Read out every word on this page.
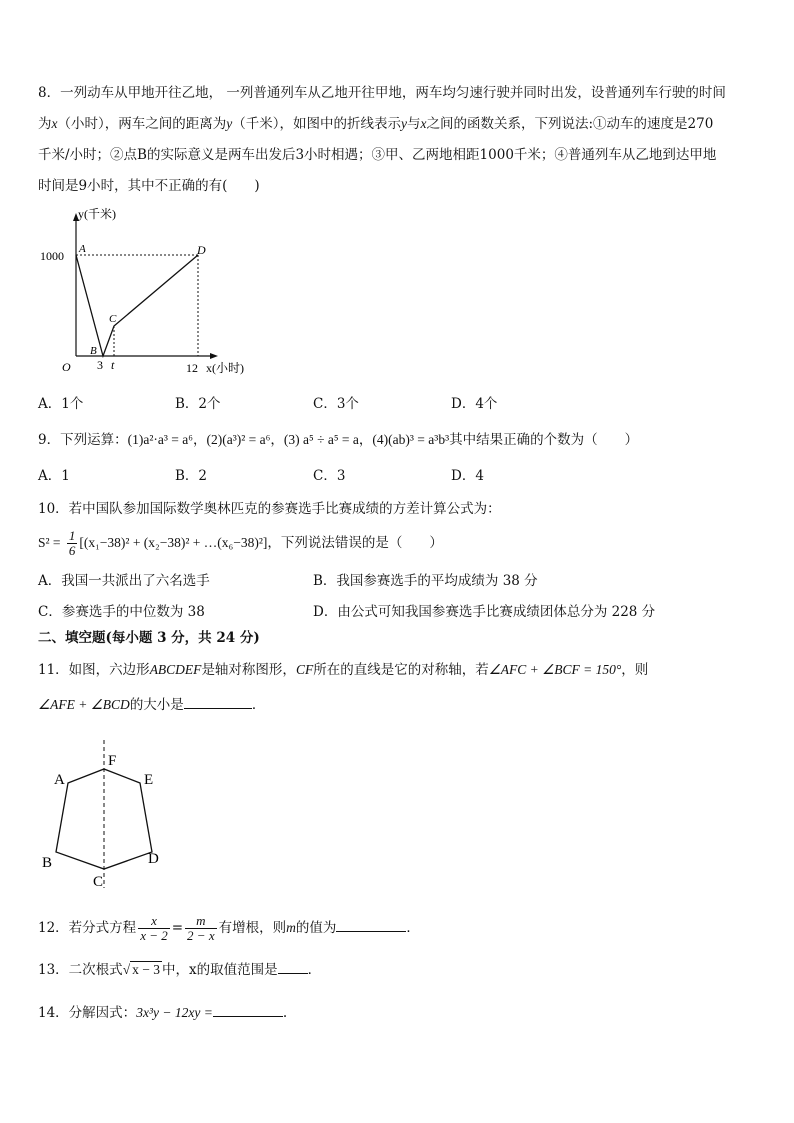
8．一列动车从甲地开往乙地， 一列普通列车从乙地开往甲地，两车均匀速行驶并同时出发，设普通列车行驶的时间
为x（小时），两车之间的距离为y（千米），如图中的折线表示y与x之间的函数关系，下列说法:①动车的速度是270
千米/小时；②点B的实际意义是两车出发后3小时相遇；③甲、乙两地相距1000千米；④普通列车从乙地到达甲地
时间是9小时，其中不正确的有(　　)
y(千米)
1000 A
B
C
D
O 3 t	12 x(小时)
A．1个	B．2个	C．3个	D．4个
9．下列运算：(1)a²·a³ = a⁶，(2)(a³)² = a⁶，(3) a⁵ ÷ a⁵ = a，(4)(ab)³ = a³b³其中结果正确的个数为（　　）
A．1	B．2	C．3	D．4
10．若中国队参加国际数学奥林匹克的参赛选手比赛成绩的方差计算公式为：
$S^2 = \frac{1}{6} [(x_1-38)^2 + (x_2-38)^2$ + …(x₆−38)²]，下列说法错误的是（　　）
A．我国一共派出了六名选手	B．我国参赛选手的平均成绩为 38 分
C．参赛选手的中位数为 38	D．由公式可知我国参赛选手比赛成绩团体总分为 228 分
二、填空题(每小题 3 分，共 24 分)
11．如图，六边形ABCDEF是轴对称图形，CF所在的直线是它的对称轴，若∠AFC + ∠BCF = 150°，则
∠AFE + ∠BCD的大小是	．
A
F
E
B	D
C
12．若分式方程 $\frac{x}{x - 2} = \frac{m}{2 - x}$ 有增根，则m的值为	．
13．二次根式√ x − 3 中，x的取值范围是 ．
14．分解因式：3x³y − 12xy =	.
